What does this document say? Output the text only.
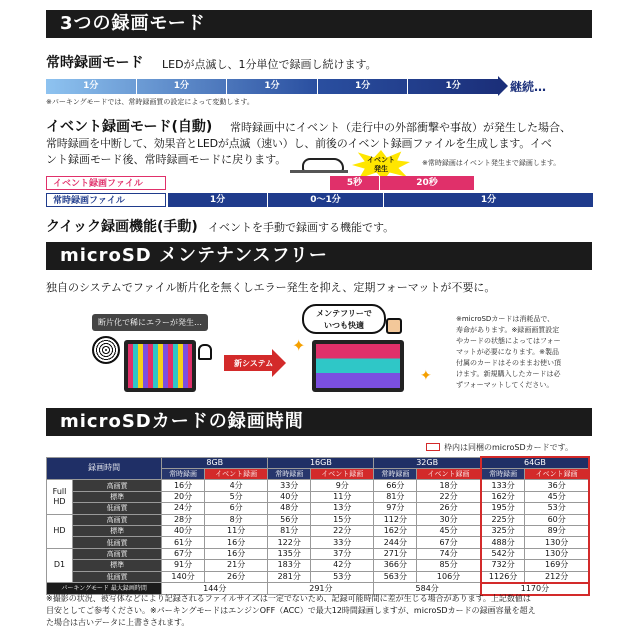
3つの録画モード
常時録画モード LEDが点滅し、1分単位で録画し続けます。
1分	1分	1分	1分	1分	継続…
※パーキングモードでは、常時録画質の設定によって変動します。
イベント録画モード(自動) 常時録画中にイベント（走行中の外部衝撃や事故）が発生した場合、
常時録画を中断して、効果音とLEDが点滅（速い）し、前後のイベント録画ファイルを生成します。イベ
ント録画モード後、常時録画モードに戻ります。	イベント
発生
※常時録画はイベント発生まで録画します。
イベント録画ファイル	5秒	20秒
常時録画ファイル	1分	0〜1分	1分
クイック録画機能(手動) イベントを手動で録画する機能です。
microSD メンテナンスフリー
独自のシステムでファイル断片化を無くしエラー発生を抑え、定期フォーマットが不要に。
断片化で稀にエラーが発生…
新システム
✦
✦
メンテフリーで
いつも快適
※microSDカードは消耗品で、
寿命があります。※録画画質設定
やカードの状態によってはフォー
マットが必要になります。※製品
付属のカードはそのままお使い頂
けます。新規購入したカードは必
ずフォーマットしてください。
microSDカードの録画時間
枠内は同梱のmicroSDカードです。
録画時間		8GB		16GB		32GB		64GB	
		常時録画	イベント録画	常時録画	イベント録画	常時録画	イベント録画	常時録画	イベント録画
Full HD	高画質	16分	4分	33分	9分	66分	18分	133分	36分
	標準	20分	5分	40分	11分	81分	22分	162分	45分
	低画質	24分	6分	48分	13分	97分	26分	195分	53分
HD	高画質	28分	8分	56分	15分	112分	30分	225分	60分
	標準	40分	11分	81分	22分	162分	45分	325分	89分
	低画質	61分	16分	122分	33分	244分	67分	488分	130分
D1	高画質	67分	16分	135分	37分	271分	74分	542分	130分
	標準	91分	21分	183分	42分	366分	85分	732分	169分
	低画質	140分	26分	281分	53分	563分	106分	1126分	212分
パーキングモード 最大録画時間		144分		291分		584分		1170分	
※撮影の状況、被写体などにより記録されるファイルサイズは一定でないため、記録可能時間に差が生じる場合があります。上記数値は
目安としてご参考ください。※パーキングモードはエンジンOFF（ACC）で最大12時間録画しますが、microSDカードの録画容量を超え
た場合は古いデータに上書きされます。
